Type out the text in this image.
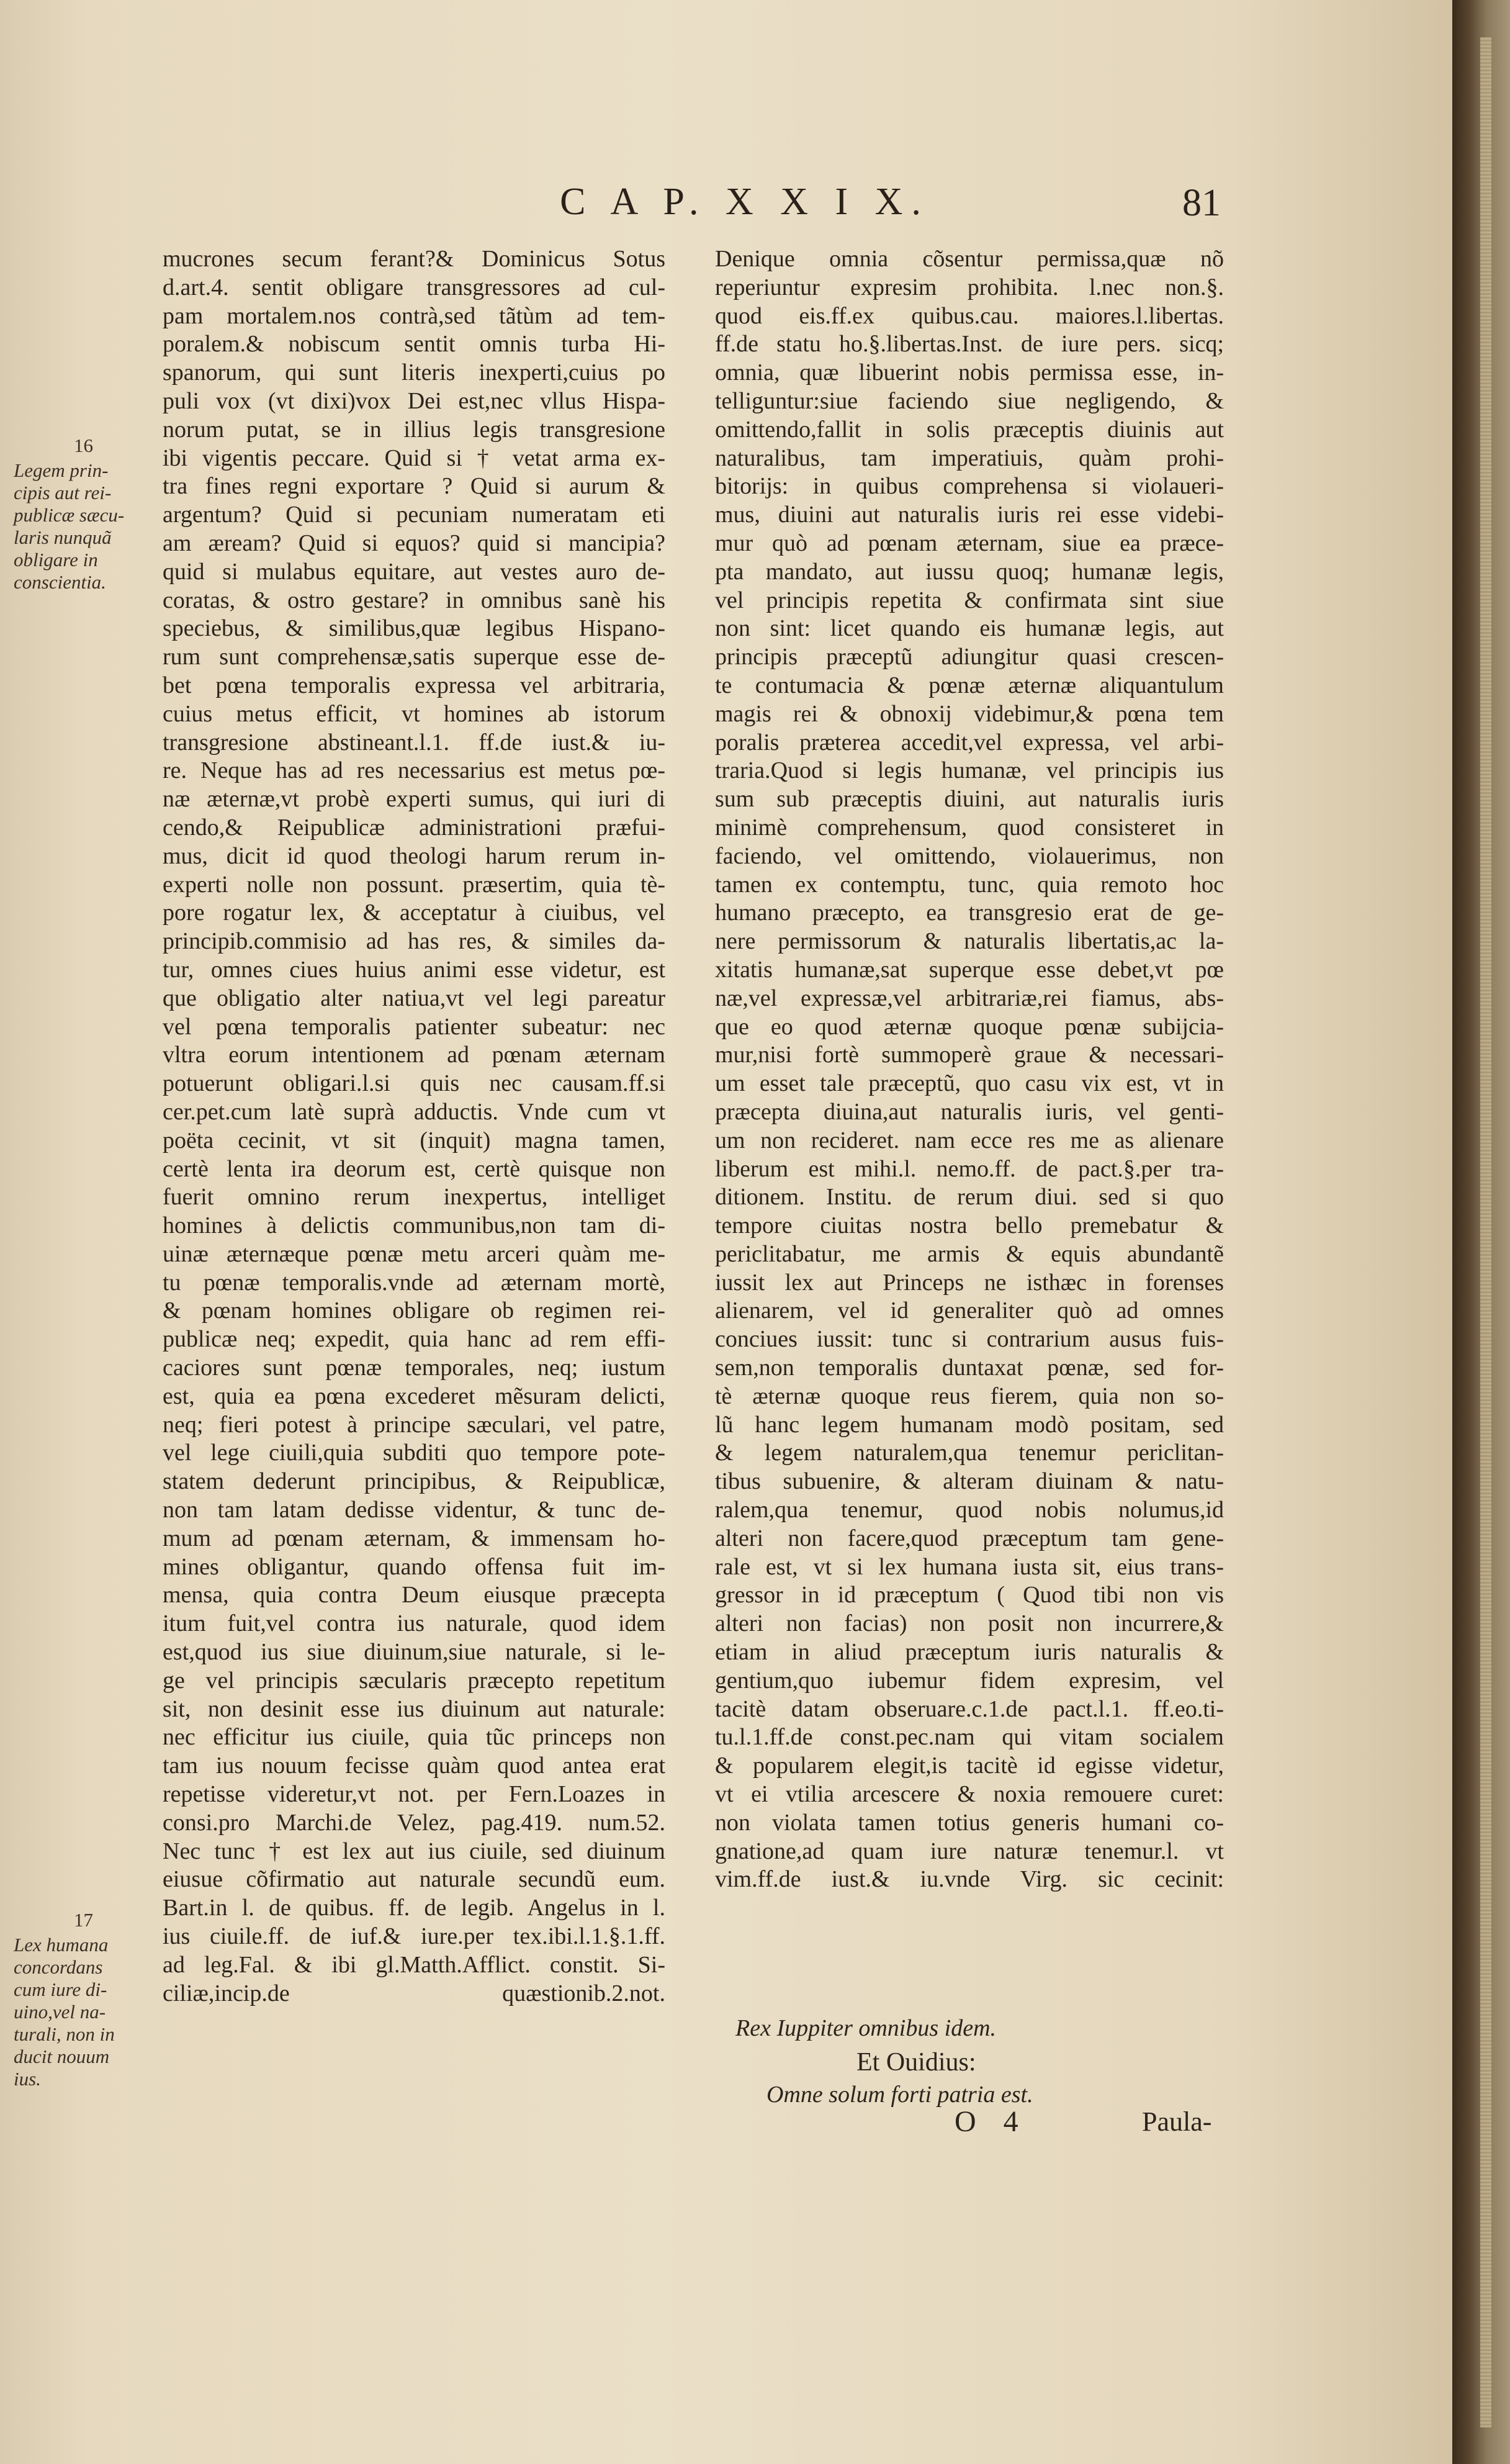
C A P. X X I X.	81
16
Legem prin-
cipis aut rei-
publicæ sæcu-
laris nunquã
obligare in
conscientia.
17
Lex humana
concordans
cum iure di-
uino,vel na-
turali, non in
ducit nouum
ius.
mucrones secum ferant?& Dominicus Sotus
d.art.4. sentit obligare transgressores ad cul-
pam mortalem.nos contrà,sed tãtùm ad tem-
poralem.& nobiscum sentit omnis turba Hi-
spanorum, qui sunt literis inexperti,cuius po
puli vox (vt dixi)vox Dei est,nec vllus Hispa-
norum putat, se in illius legis transgresione
ibi vigentis peccare. Quid si † vetat arma ex-
tra fines regni exportare ? Quid si aurum &
argentum? Quid si pecuniam numeratam eti
am æream? Quid si equos? quid si mancipia?
quid si mulabus equitare, aut vestes auro de-
coratas, & ostro gestare? in omnibus sanè his
speciebus, & similibus,quæ legibus Hispano-
rum sunt comprehensæ,satis superque esse de-
bet pœna temporalis expressa vel arbitraria,
cuius metus efficit, vt homines ab istorum
transgresione abstineant.l.1. ff.de iust.& iu-
re. Neque has ad res necessarius est metus pœ-
næ æternæ,vt probè experti sumus, qui iuri di
cendo,& Reipublicæ administrationi præfui-
mus, dicit id quod theologi harum rerum in-
experti nolle non possunt. præsertim, quia tè-
pore rogatur lex, & acceptatur à ciuibus, vel
principib.commisio ad has res, & similes da-
tur, omnes ciues huius animi esse videtur, est
que obligatio alter natiua,vt vel legi pareatur
vel pœna temporalis patienter subeatur: nec
vltra eorum intentionem ad pœnam æternam
potuerunt obligari.l.si quis nec causam.ff.si
cer.pet.cum latè suprà adductis. Vnde cum vt
poëta cecinit, vt sit (inquit) magna tamen,
certè lenta ira deorum est, certè quisque non
fuerit omnino rerum inexpertus, intelliget
homines à delictis communibus,non tam di-
uinæ æternæque pœnæ metu arceri quàm me-
tu pœnæ temporalis.vnde ad æternam mortè,
& pœnam homines obligare ob regimen rei-
publicæ neq; expedit, quia hanc ad rem effi-
caciores sunt pœnæ temporales, neq; iustum
est, quia ea pœna excederet mẽsuram delicti,
neq; fieri potest à principe sæculari, vel patre,
vel lege ciuili,quia subditi quo tempore pote-
statem dederunt principibus, & Reipublicæ,
non tam latam dedisse videntur, & tunc de-
mum ad pœnam æternam, & immensam ho-
mines obligantur, quando offensa fuit im-
mensa, quia contra Deum eiusque præcepta
itum fuit,vel contra ius naturale, quod idem
est,quod ius siue diuinum,siue naturale, si le-
ge vel principis sæcularis præcepto repetitum
sit, non desinit esse ius diuinum aut naturale:
nec efficitur ius ciuile, quia tũc princeps non
tam ius nouum fecisse quàm quod antea erat
repetisse videretur,vt not. per Fern.Loazes in
consi.pro Marchi.de Velez, pag.419. num.52.
Nec tunc † est lex aut ius ciuile, sed diuinum
eiusue cõfirmatio aut naturale secundũ eum.
Bart.in l. de quibus. ff. de legib. Angelus in l.
ius ciuile.ff. de iuf.& iure.per tex.ibi.l.1.§.1.ff.
ad leg.Fal. & ibi gl.Matth.Afflict. constit. Si-
ciliæ,incip.de quæstionib.2.not.
Denique omnia cõsentur permissa,quæ nõ
reperiuntur expresim prohibita. l.nec non.§.
quod eis.ff.ex quibus.cau. maiores.l.libertas.
ff.de statu ho.§.libertas.Inst. de iure pers. sicq;
omnia, quæ libuerint nobis permissa esse, in-
telliguntur:siue faciendo siue negligendo, &
omittendo,fallit in solis præceptis diuinis aut
naturalibus, tam imperatiuis, quàm prohi-
bitorijs: in quibus comprehensa si violaueri-
mus, diuini aut naturalis iuris rei esse videbi-
mur quò ad pœnam æternam, siue ea præce-
pta mandato, aut iussu quoq; humanæ legis,
vel principis repetita & confirmata sint siue
non sint: licet quando eis humanæ legis, aut
principis præceptũ adiungitur quasi crescen-
te contumacia & pœnæ æternæ aliquantulum
magis rei & obnoxij videbimur,& pœna tem
poralis præterea accedit,vel expressa, vel arbi-
traria.Quod si legis humanæ, vel principis ius
sum sub præceptis diuini, aut naturalis iuris
minimè comprehensum, quod consisteret in
faciendo, vel omittendo, violauerimus, non
tamen ex contemptu, tunc, quia remoto hoc
humano præcepto, ea transgresio erat de ge-
nere permissorum & naturalis libertatis,ac la-
xitatis humanæ,sat superque esse debet,vt pœ
næ,vel expressæ,vel arbitrariæ,rei fiamus, abs-
que eo quod æternæ quoque pœnæ subijcia-
mur,nisi fortè summoperè graue & necessari-
um esset tale præceptũ, quo casu vix est, vt in
præcepta diuina,aut naturalis iuris, vel genti-
um non recideret. nam ecce res me as alienare
liberum est mihi.l. nemo.ff. de pact.§.per tra-
ditionem. Institu. de rerum diui. sed si quo
tempore ciuitas nostra bello premebatur &
periclitabatur, me armis & equis abundantẽ
iussit lex aut Princeps ne isthæc in forenses
alienarem, vel id generaliter quò ad omnes
conciues iussit: tunc si contrarium ausus fuis-
sem,non temporalis duntaxat pœnæ, sed for-
tè æternæ quoque reus fierem, quia non so-
lũ hanc legem humanam modò positam, sed
& legem naturalem,qua tenemur periclitan-
tibus subuenire, & alteram diuinam & natu-
ralem,qua tenemur, quod nobis nolumus,id
alteri non facere,quod præceptum tam gene-
rale est, vt si lex humana iusta sit, eius trans-
gressor in id præceptum ( Quod tibi non vis
alteri non facias) non posit non incurrere,&
etiam in aliud præceptum iuris naturalis &
gentium,quo iubemur fidem expresim, vel
tacitè datam obseruare.c.1.de pact.l.1. ff.eo.ti-
tu.l.1.ff.de const.pec.nam qui vitam socialem
& popularem elegit,is tacitè id egisse videtur,
vt ei vtilia arcescere & noxia remouere curet:
non violata tamen totius generis humani co-
gnatione,ad quam iure naturæ tenemur.l. vt
vim.ff.de iust.& iu.vnde Virg. sic cecinit:
Rex Iuppiter omnibus idem.
Et Ouidius:
Omne solum forti patria est.
O 4	Paula-
